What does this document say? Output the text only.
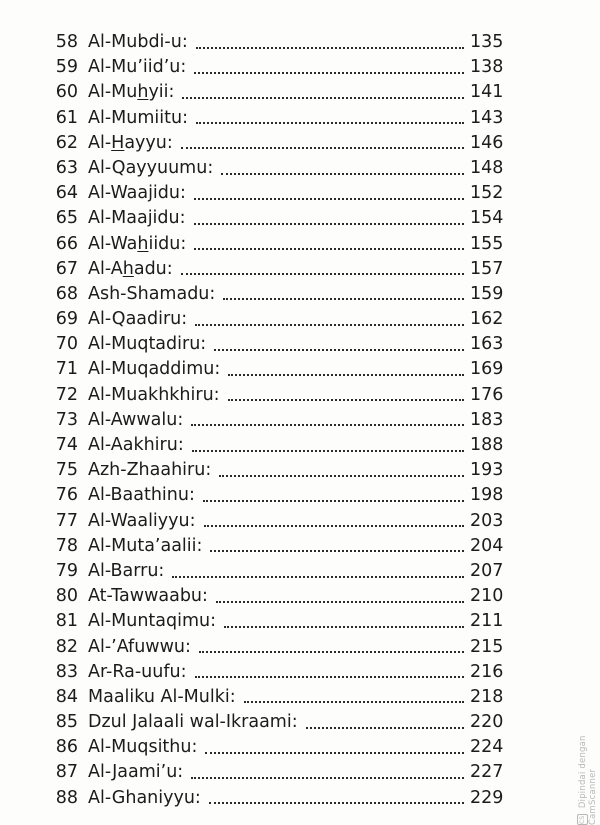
58 Al-Mubdi-u:	135
59 Al-Mu’iid’u:	138
60 Al-Muhyii:	141
61 Al-Mumiitu:	143
62 Al-Hayyu:	146
63 Al-Qayyuumu:	148
64 Al-Waajidu:	152
65 Al-Maajidu:	154
66 Al-Wahiidu:	155
67 Al-Ahadu:	157
68 Ash-Shamadu:	159
69 Al-Qaadiru:	162
70 Al-Muqtadiru:	163
71 Al-Muqaddimu:	169
72 Al-Muakhkhiru:	176
73 Al-Awwalu:	183
74 Al-Aakhiru:	188
75 Azh-Zhaahiru:	193
76 Al-Baathinu:	198
77 Al-Waaliyyu:	203
78 Al-Muta’aalii:	204
79 Al-Barru:	207
80 At-Tawwaabu:	210
81 Al-Muntaqimu:	211
82 Al-’Afuwwu:	215
83 Ar-Ra-uufu:	216
84 Maaliku Al-Mulki:	218
85 Dzul Jalaali wal-Ikraami:	220
86 Al-Muqsithu:	224
87 Al-Jaami’u:	227
88 Al-Ghaniyyu:	229
CS Dipindai dengan CamScanner
